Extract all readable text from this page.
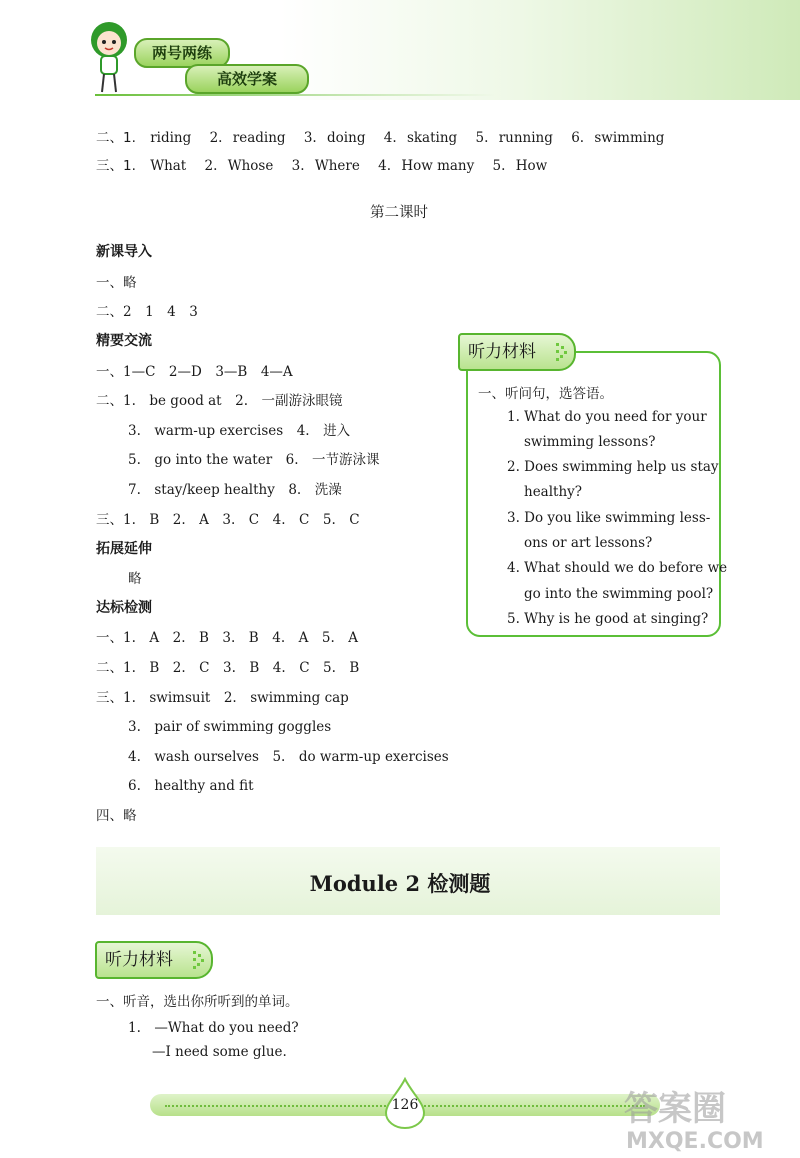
两号两练
高效学案
二、1. riding 2. reading 3. doing 4. skating 5. running 6. swimming
三、1. What 2. Whose 3. Where 4. How many 5. How
第二课时
新课导入
一、略
二、2　1　4　3
精要交流
一、1—C　2—D　3—B　4—A
二、1.　be good at　2.　一副游泳眼镜
3.　warm-up exercises　4.　进入
5.　go into the water　6.　一节游泳课
7.　stay/keep healthy　8.　洗澡
三、1.　B　2.　A　3.　C　4.　C　5.　C
拓展延伸
略
达标检测
一、1.　A　2.　B　3.　B　4.　A　5.　A
二、1.　B　2.　C　3.　B　4.　C　5.　B
三、1.　swimsuit　2.　swimming cap
3.　pair of swimming goggles
4.　wash ourselves　5.　do warm-up exercises
6.　healthy and fit
四、略
听力材料
一、听问句，选答语。
1. What do you need for your
swimming lessons?
2. Does swimming help us stay
healthy?
3. Do you like swimming less-
ons or art lessons?
4. What should we do before we
go into the swimming pool?
5. Why is he good at singing?
Module 2 检测题
听力材料
一、听音，选出你所听到的单词。
1.　—What do you need?
—I need some glue.
126	答案圈
MXQE.COM
